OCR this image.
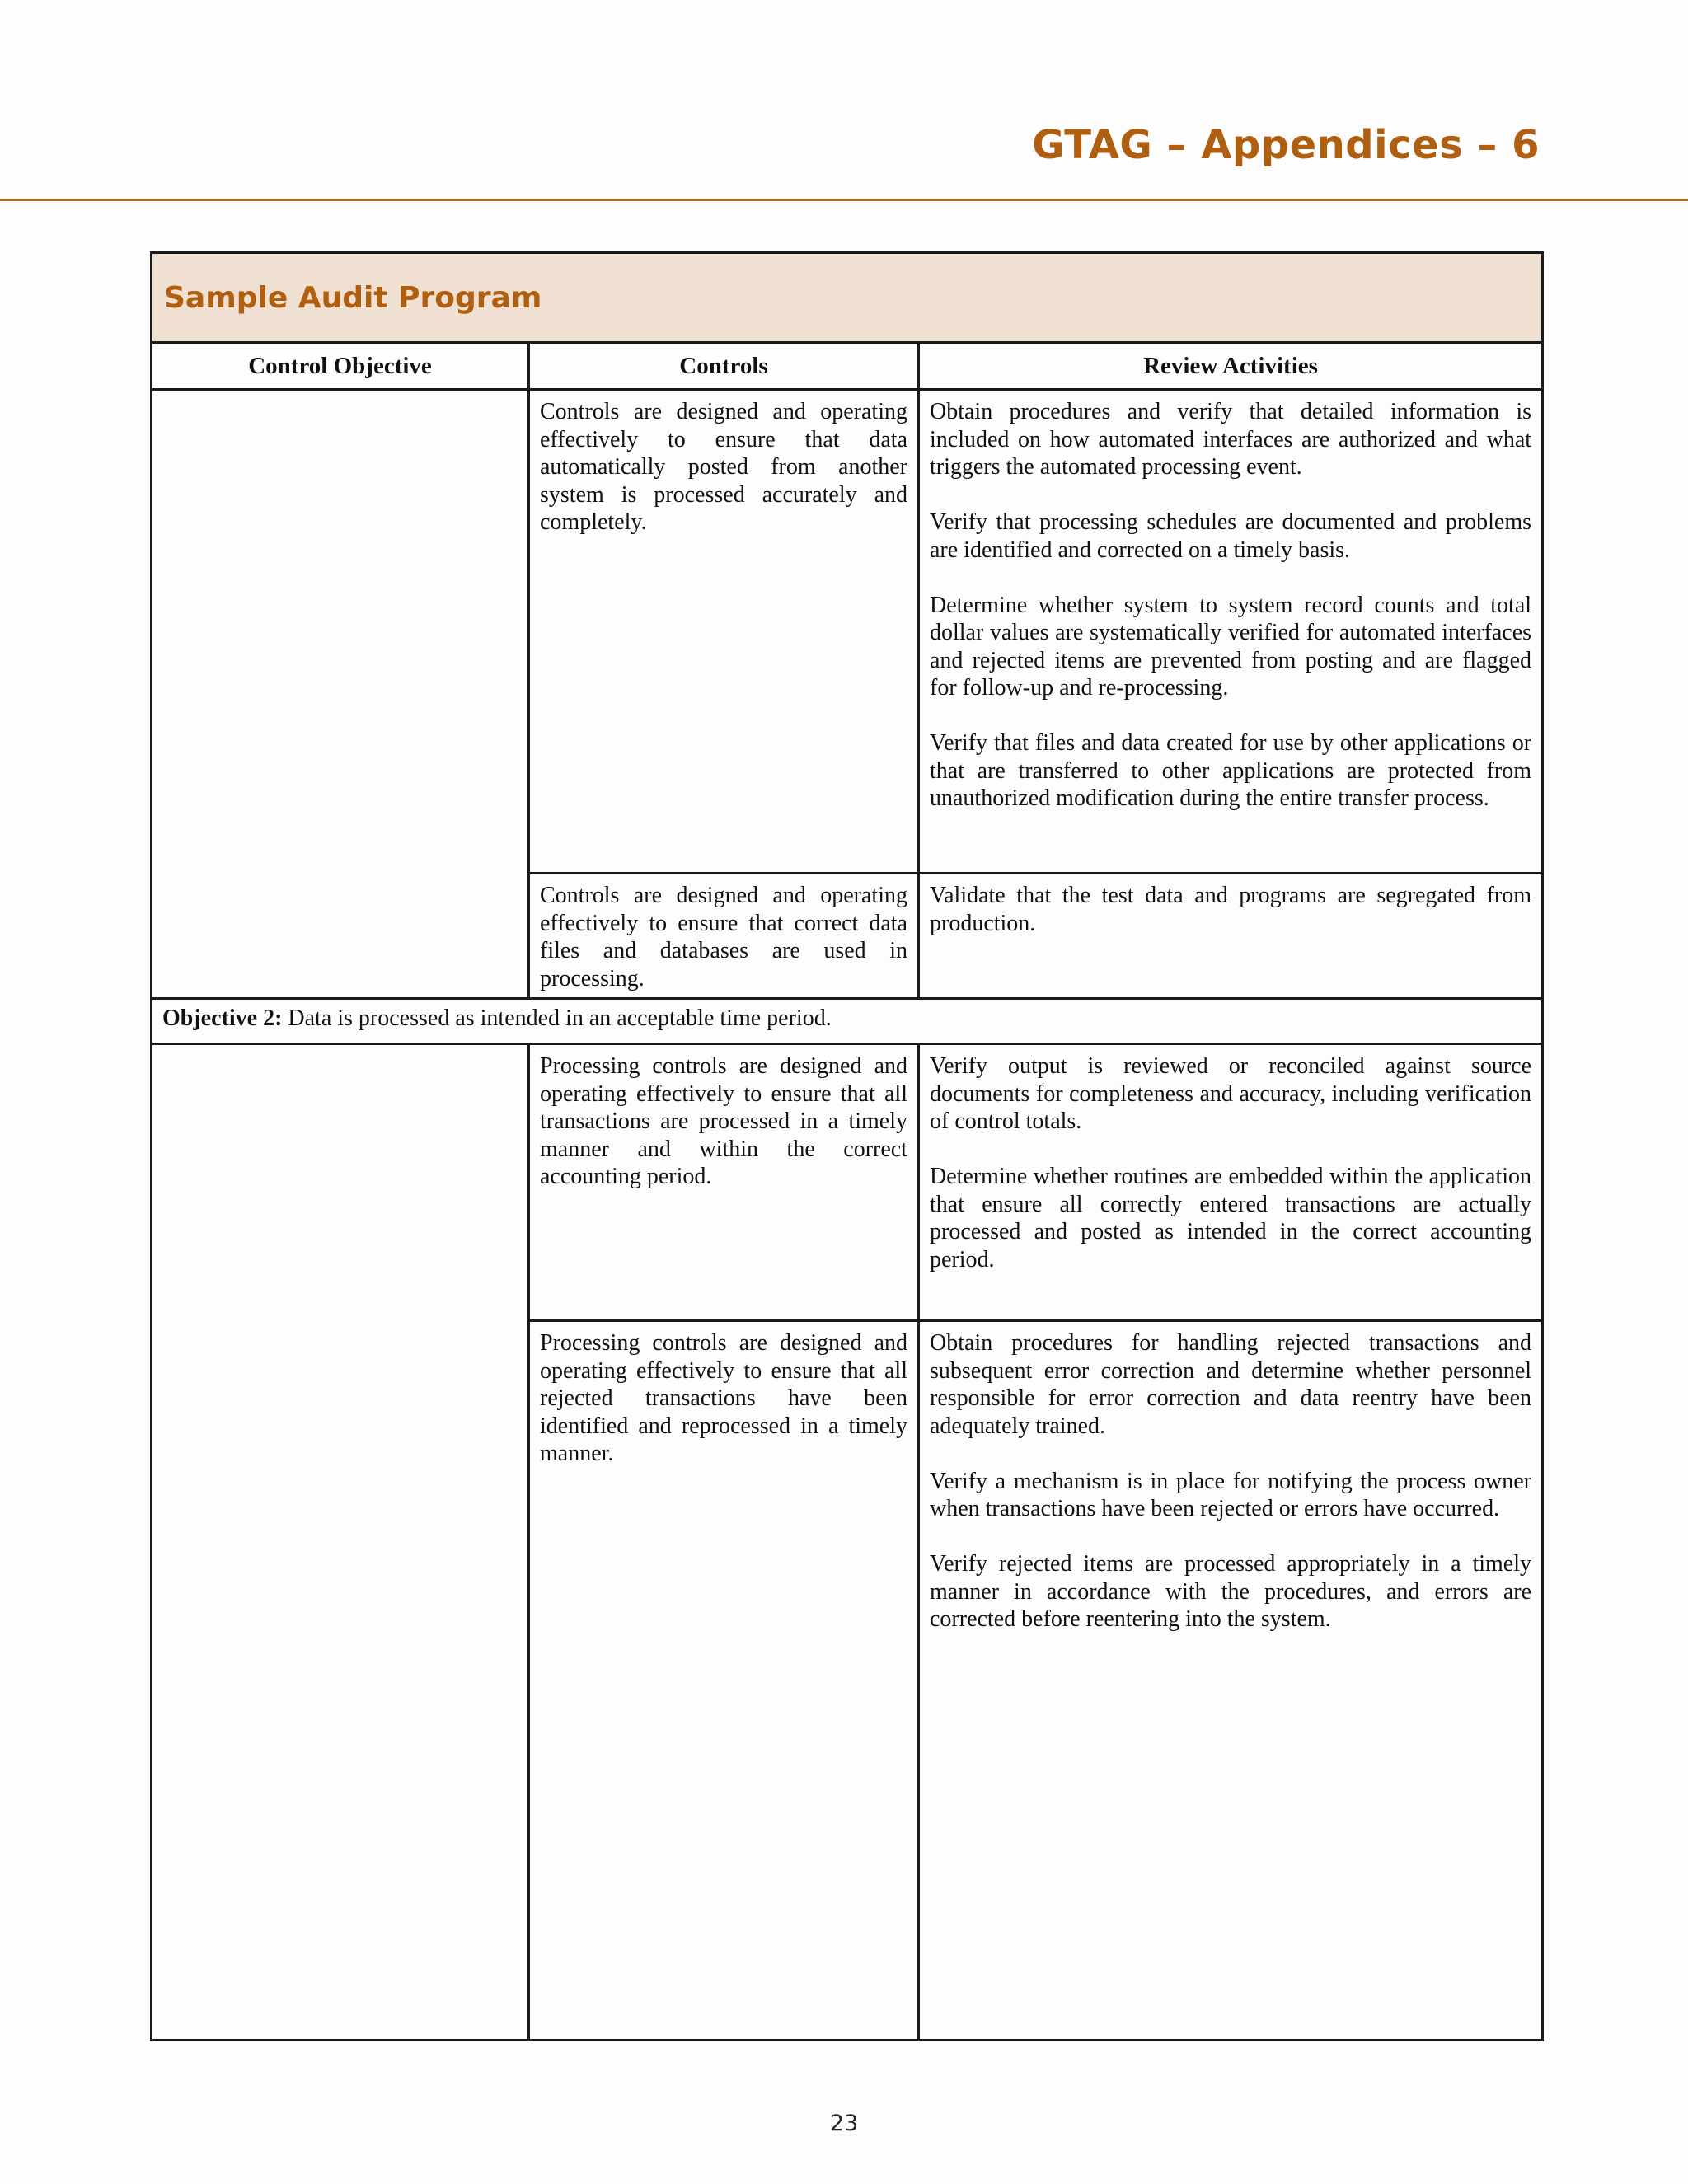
GTAG – Appendices – 6
Sample Audit Program		
Control Objective	Controls	Review Activities

	Controls are designed and operating effectively to ensure that data automatically posted from another system is processed accurately and completely.	Obtain procedures and verify that detailed information is included on how automated interfaces are authorized and what triggers the automated processing event.

Verify that processing schedules are documented and problems are identified and corrected on a timely basis.

Determine whether system to system record counts and total dollar values are systematically verified for automated interfaces and rejected items are prevented from posting and are flagged for follow-up and re-processing.

Verify that files and data created for use by other applications or that are transferred to other applications are protected from unauthorized modification during the entire transfer process.

	Controls are designed and operating effectively to ensure that correct data files and databases are used in processing.	Validate that the test data and programs are segregated from production.

Objective 2: Data is processed as intended in an acceptable time period.		

	Processing controls are designed and operating effectively to ensure that all transactions are processed in a timely manner and within the correct accounting period.	Verify output is reviewed or reconciled against source documents for completeness and accuracy, including verification of control totals.

Determine whether routines are embedded within the application that ensure all correctly entered transactions are actually processed and posted as intended in the correct accounting period.

	Processing controls are designed and operating effectively to ensure that all rejected transactions have been identified and reprocessed in a timely manner.	Obtain procedures for handling rejected transactions and subsequent error correction and determine whether personnel responsible for error correction and data reentry have been adequately trained.

Verify a mechanism is in place for notifying the process owner when transactions have been rejected or errors have occurred.

Verify rejected items are processed appropriately in a timely manner in accordance with the procedures, and errors are corrected before reentering into the system.

23
